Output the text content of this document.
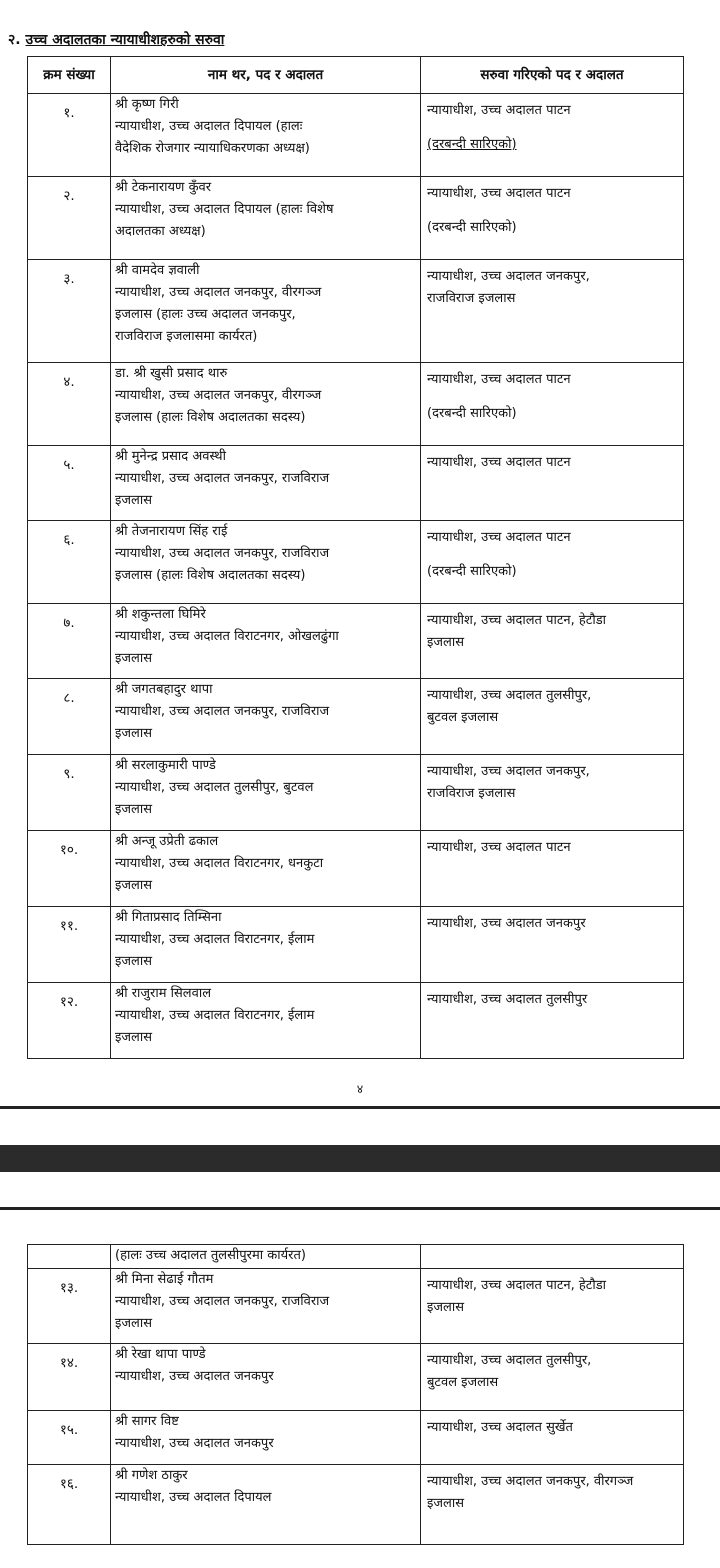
२. उच्च अदालतका न्यायाधीशहरुको सरुवा
क्रम संख्या	नाम थर, पद र अदालत	सरुवा गरिएको पद र अदालत
१.	श्री कृष्ण गिरी
न्यायाधीश, उच्च अदालत दिपायल (हालः
वैदेशिक रोजगार न्यायाधिकरणका अध्यक्ष)	न्यायाधीश, उच्च अदालत पाटन
(दरबन्दी सारिएको)

२.	श्री टेकनारायण कुँवर
न्यायाधीश, उच्च अदालत दिपायल (हालः विशेष
अदालतका अध्यक्ष)	न्यायाधीश, उच्च अदालत पाटन
(दरबन्दी सारिएको)

३.	श्री वामदेव ज्ञवाली
न्यायाधीश, उच्च अदालत जनकपुर, वीरगञ्ज
इजलास (हालः उच्च अदालत जनकपुर,
राजविराज इजलासमा कार्यरत)	न्यायाधीश, उच्च अदालत जनकपुर,
राजविराज इजलास

४.	डा. श्री खुसी प्रसाद थारु
न्यायाधीश, उच्च अदालत जनकपुर, वीरगञ्ज
इजलास (हालः विशेष अदालतका सदस्य)	न्यायाधीश, उच्च अदालत पाटन
(दरबन्दी सारिएको)

५.	श्री मुनेन्द्र प्रसाद अवस्थी
न्यायाधीश, उच्च अदालत जनकपुर, राजविराज
इजलास	न्यायाधीश, उच्च अदालत पाटन

६.	श्री तेजनारायण सिंह राई
न्यायाधीश, उच्च अदालत जनकपुर, राजविराज
इजलास (हालः विशेष अदालतका सदस्य)	न्यायाधीश, उच्च अदालत पाटन
(दरबन्दी सारिएको)

७.	श्री शकुन्तला घिमिरे
न्यायाधीश, उच्च अदालत विराटनगर, ओखलढुंगा
इजलास	न्यायाधीश, उच्च अदालत पाटन, हेटौडा
इजलास

८.	श्री जगतबहादुर थापा
न्यायाधीश, उच्च अदालत जनकपुर, राजविराज
इजलास	न्यायाधीश, उच्च अदालत तुलसीपुर,
बुटवल इजलास

९.	श्री सरलाकुमारी पाण्डे
न्यायाधीश, उच्च अदालत तुलसीपुर, बुटवल
इजलास	न्यायाधीश, उच्च अदालत जनकपुर,
राजविराज इजलास

१०.	श्री अन्जू उप्रेती ढकाल
न्यायाधीश, उच्च अदालत विराटनगर, धनकुटा
इजलास	न्यायाधीश, उच्च अदालत पाटन

११.	श्री गिताप्रसाद तिम्सिना
न्यायाधीश, उच्च अदालत विराटनगर, ईलाम
इजलास	न्यायाधीश, उच्च अदालत जनकपुर

१२.	श्री राजुराम सिलवाल
न्यायाधीश, उच्च अदालत विराटनगर, ईलाम
इजलास	न्यायाधीश, उच्च अदालत तुलसीपुर
४

	(हालः उच्च अदालत तुलसीपुरमा कार्यरत)	

१३.	श्री मिना सेढाई गौतम
न्यायाधीश, उच्च अदालत जनकपुर, राजविराज
इजलास	न्यायाधीश, उच्च अदालत पाटन, हेटौडा
इजलास

१४.	श्री रेखा थापा पाण्डे
न्यायाधीश, उच्च अदालत जनकपुर	न्यायाधीश, उच्च अदालत तुलसीपुर,
बुटवल इजलास

१५.	श्री सागर विष्ट
न्यायाधीश, उच्च अदालत जनकपुर	न्यायाधीश, उच्च अदालत सुर्खेत

१६.	श्री गणेश ठाकुर
न्यायाधीश, उच्च अदालत दिपायल	न्यायाधीश, उच्च अदालत जनकपुर, वीरगञ्ज
इजलास
